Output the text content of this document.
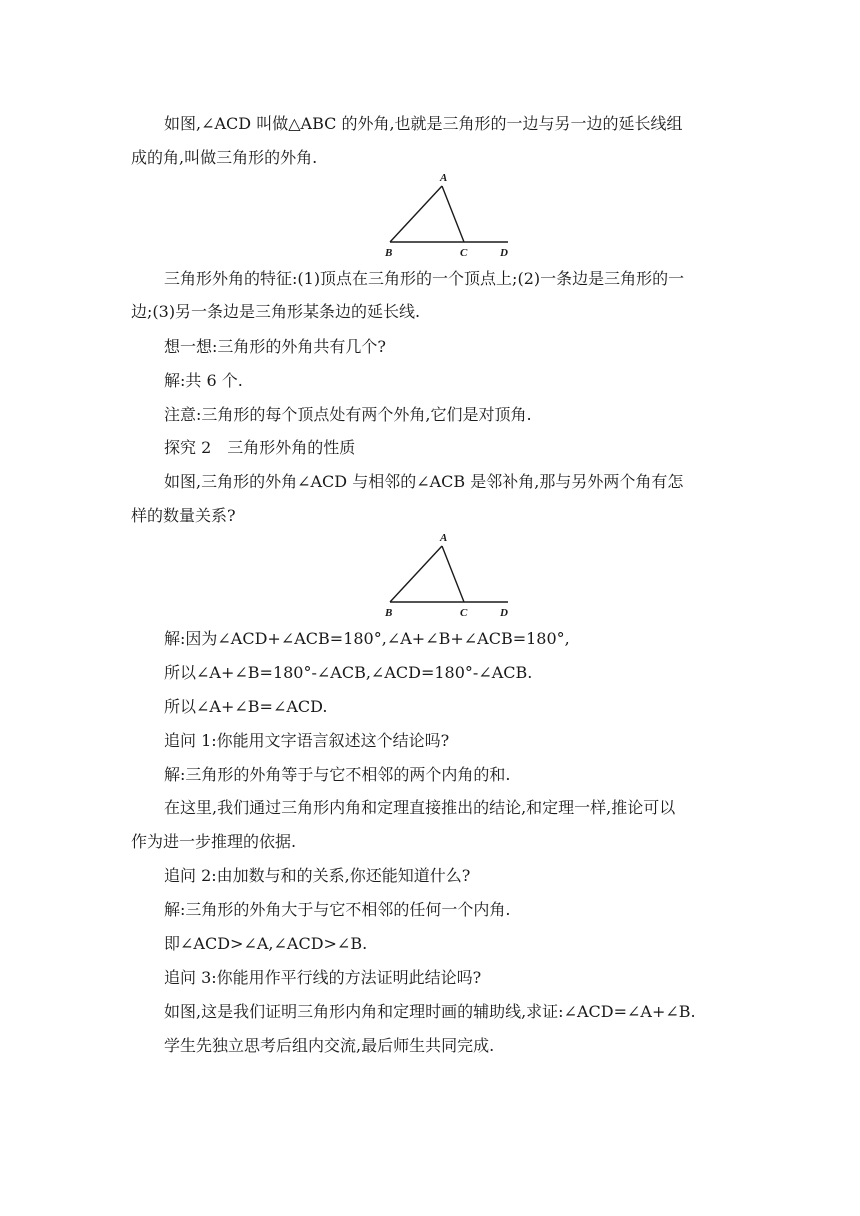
如图,∠ACD 叫做△ABC 的外角,也就是三角形的一边与另一边的延长线组
成的角,叫做三角形的外角.
A
B	C	D
三角形外角的特征:(1)顶点在三角形的一个顶点上;(2)一条边是三角形的一
边;(3)另一条边是三角形某条边的延长线.
想一想:三角形的外角共有几个?
解:共 6 个.
注意:三角形的每个顶点处有两个外角,它们是对顶角.
探究 2　三角形外角的性质
如图,三角形的外角∠ACD 与相邻的∠ACB 是邻补角,那与另外两个角有怎
样的数量关系?
A
B	C	D
解:因为∠ACD+∠ACB=180°,∠A+∠B+∠ACB=180°,
所以∠A+∠B=180°-∠ACB,∠ACD=180°-∠ACB.
所以∠A+∠B=∠ACD.
追问 1:你能用文字语言叙述这个结论吗?
解:三角形的外角等于与它不相邻的两个内角的和.
在这里,我们通过三角形内角和定理直接推出的结论,和定理一样,推论可以
作为进一步推理的依据.
追问 2:由加数与和的关系,你还能知道什么?
解:三角形的外角大于与它不相邻的任何一个内角.
即∠ACD>∠A,∠ACD>∠B.
追问 3:你能用作平行线的方法证明此结论吗?
如图,这是我们证明三角形内角和定理时画的辅助线,求证:∠ACD=∠A+∠B.
学生先独立思考后组内交流,最后师生共同完成.
